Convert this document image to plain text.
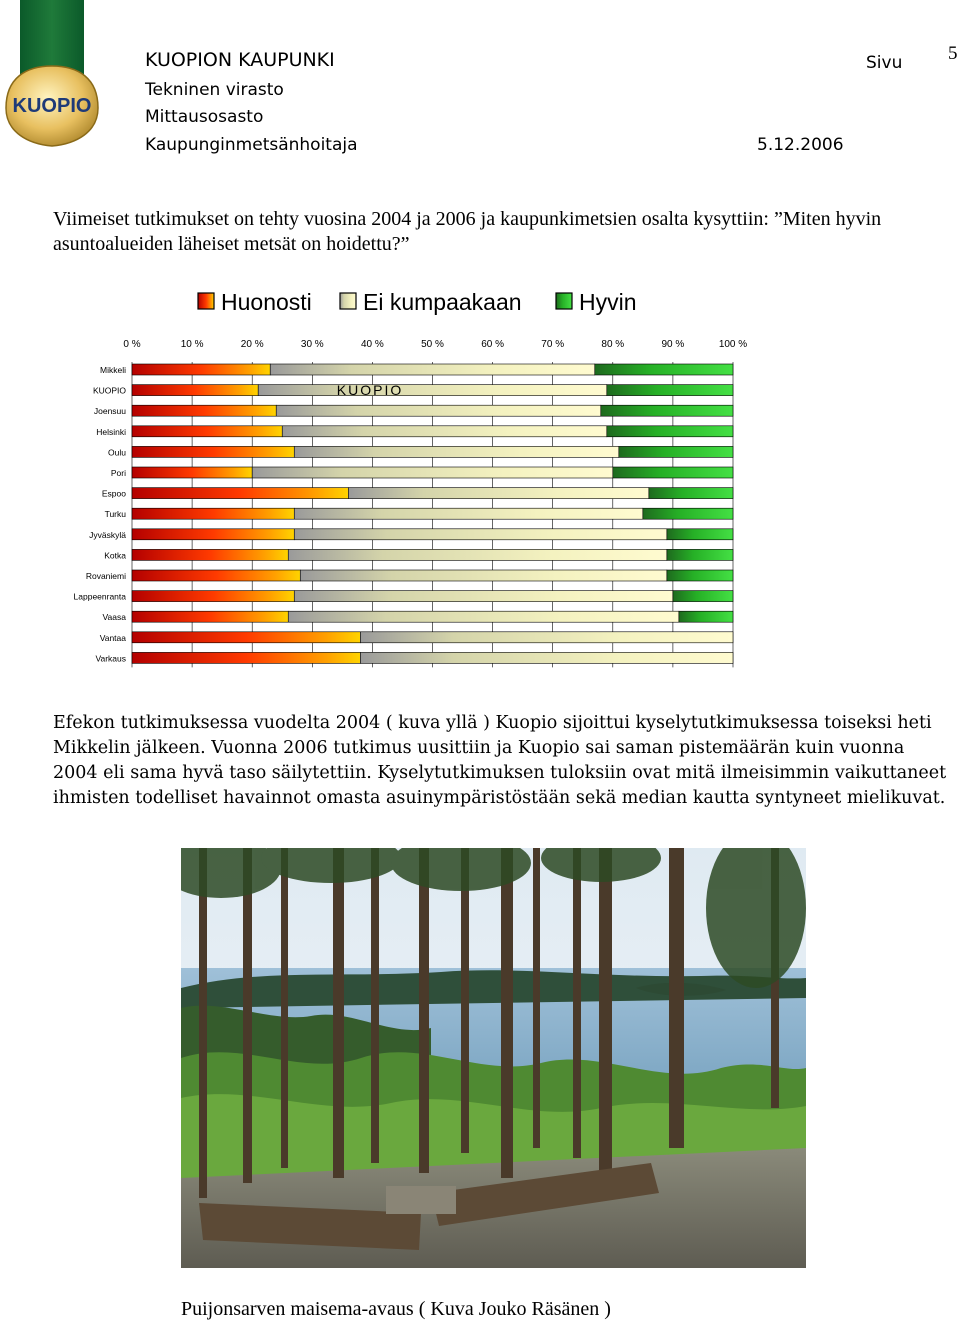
KUOPIO
KUOPION KAUPUNKI
Tekninen virasto
Mittausosasto
Kaupunginmetsänhoitaja	5.12.2006
Sivu 5
Viimeiset tutkimukset on tehty vuosina 2004 ja 2006 ja kaupunkimetsien osalta kysyttiin: ”Miten hyvin asuntoalueiden läheiset metsät on hoidettu?”
Huonosti Ei kumpaakaan Hyvin
0 %	10 %	20 %	30 %	40 %	50 %	60 %	70 %	80 %	90 %	100 %
Mikkeli
KUOPIO
Joensuu
Helsinki
Oulu
Pori
Espoo
Turku
Jyväskylä
Kotka
Rovaniemi
Lappeenranta
Vaasa
Vantaa
Varkaus
KUOPIO
Efekon tutkimuksessa vuodelta 2004 ( kuva yllä ) Kuopio sijoittui kyselytutkimuksessa toiseksi heti Mikkelin jälkeen. Vuonna 2006 tutkimus uusittiin ja Kuopio sai saman pistemäärän kuin vuonna 2004 eli sama hyvä taso säilytettiin. Kyselytutkimuksen tuloksiin ovat mitä ilmeisimmin vaikuttaneet ihmisten todelliset havainnot omasta asuinympäristöstään sekä median kautta syntyneet mielikuvat.
Puijonsarven maisema-avaus ( Kuva Jouko Räsänen )
